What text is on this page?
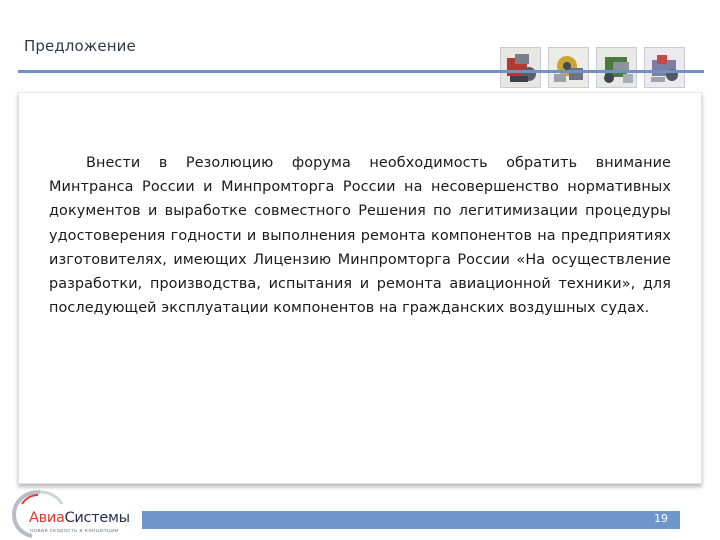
Предложение

Внести в Резолюцию форума необходимость обратить внимание Минтранса России и Минпромторга России на несовершенство нормативных документов и выработке совместного Решения по легитимизации процедуры удостоверения годности и выполнения ремонта компонентов на предприятиях изготовителях, имеющих Лицензию Минпромторга России «На осуществление разработки, производства, испытания и ремонта авиационной техники», для последующей эксплуатации компонентов на гражданских воздушных судах.

АвиаСистемы
новая скорость в концепции
19
